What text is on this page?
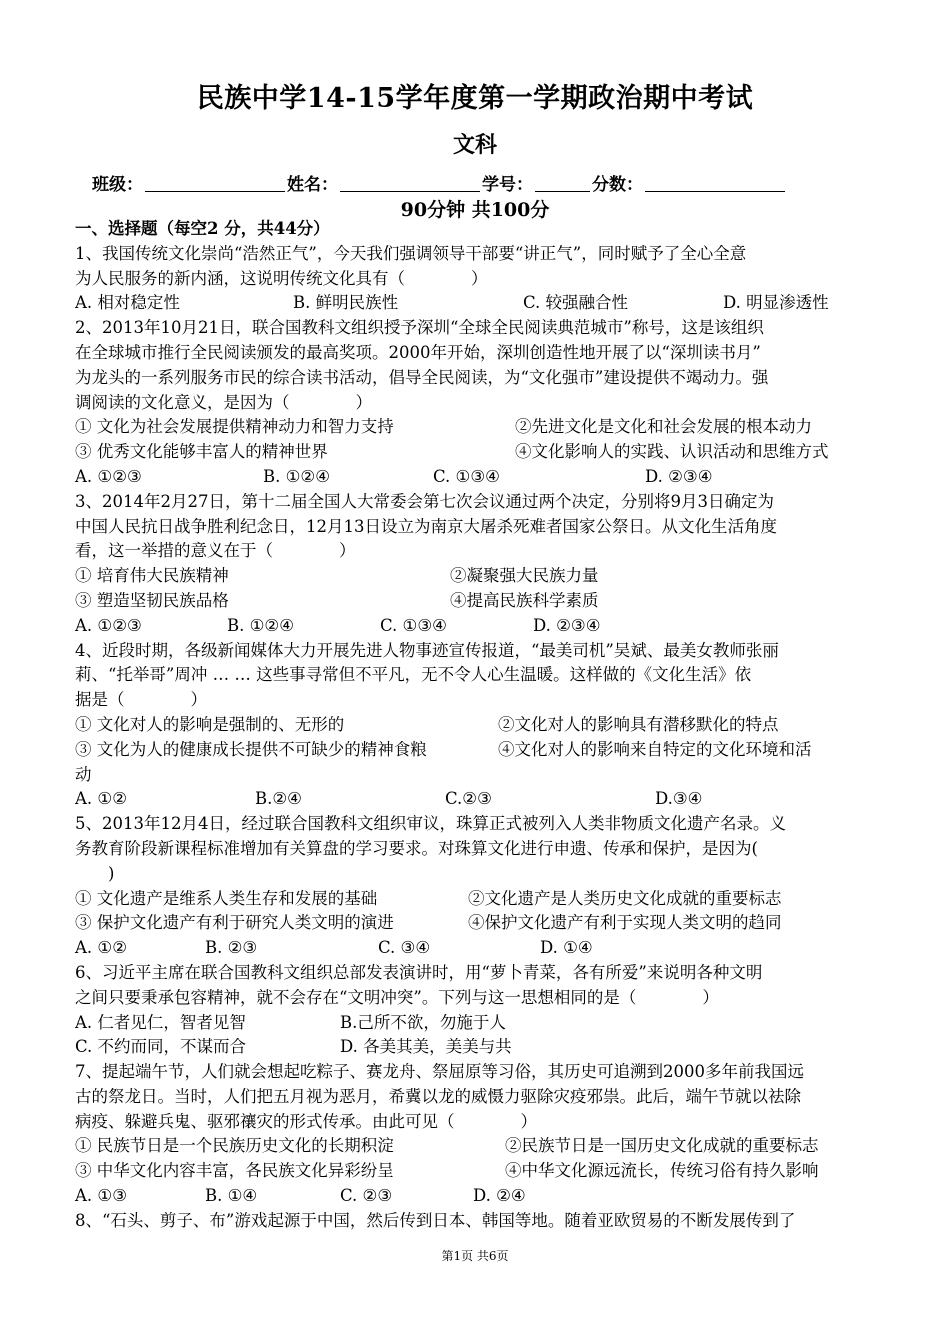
民族中学14-15学年度第一学期政治期中考试
文科
班级：	姓名：	学号：	分数：
90分钟 共100分
一、选择题（每空2 分，共44分）
1、我国传统文化崇尚“浩然正气”，今天我们强调领导干部要“讲正气”，同时赋予了全心全意
为人民服务的新内涵，这说明传统文化具有（　　　　）
A. 相对稳定性	B. 鲜明民族性	C. 较强融合性	D. 明显渗透性
2、2013年10月21日，联合国教科文组织授予深圳“全球全民阅读典范城市”称号，这是该组织
在全球城市推行全民阅读颁发的最高奖项。2000年开始，深圳创造性地开展了以“深圳读书月”
为龙头的一系列服务市民的综合读书活动，倡导全民阅读，为“文化强市”建设提供不竭动力。强
调阅读的文化意义，是因为（　　　　）
① 文化为社会发展提供精神动力和智力支持	②先进文化是文化和社会发展的根本动力
③ 优秀文化能够丰富人的精神世界	④文化影响人的实践、认识活动和思维方式
A. ①②③	B. ①②④	C. ①③④	D. ②③④
3、2014年2月27日，第十二届全国人大常委会第七次会议通过两个决定，分别将9月3日确定为
中国人民抗日战争胜利纪念日，12月13日设立为南京大屠杀死难者国家公祭日。从文化生活角度
看，这一举措的意义在于（　　　　）
① 培育伟大民族精神	②凝聚强大民族力量
③ 塑造坚韧民族品格	④提高民族科学素质
A. ①②③	B. ①②④	C. ①③④	D. ②③④
4、近段时期，各级新闻媒体大力开展先进人物事迹宣传报道，“最美司机”吴斌、最美女教师张丽
莉、“托举哥”周冲 … … 这些事寻常但不平凡，无不令人心生温暖。这样做的《文化生活》依
据是（　　　　）
① 文化对人的影响是强制的、无形的	②文化对人的影响具有潜移默化的特点
③ 文化为人的健康成长提供不可缺少的精神食粮	④文化对人的影响来自特定的文化环境和活
动
A. ①②	B.②④	C.②③	D.③④
5、2013年12月4日，经过联合国教科文组织审议，珠算正式被列入人类非物质文化遗产名录。义
务教育阶段新课程标准增加有关算盘的学习要求。对珠算文化进行申遗、传承和保护，是因为(
　　)
① 文化遗产是维系人类生存和发展的基础	②文化遗产是人类历史文化成就的重要标志
③ 保护文化遗产有利于研究人类文明的演进	④保护文化遗产有利于实现人类文明的趋同
A. ①②	B. ②③	C. ③④	D. ①④
6、习近平主席在联合国教科文组织总部发表演讲时，用“萝卜青菜，各有所爱”来说明各种文明
之间只要秉承包容精神，就不会存在“文明冲突”。下列与这一思想相同的是（　　　　）
A. 仁者见仁，智者见智	B.己所不欲，勿施于人
C. 不约而同，不谋而合	D. 各美其美，美美与共
7、提起端午节，人们就会想起吃粽子、赛龙舟、祭屈原等习俗，其历史可追溯到2000多年前我国远
古的祭龙日。当时，人们把五月视为恶月，希冀以龙的威慑力驱除灾疫邪祟。此后，端午节就以祛除
病疫、躲避兵鬼、驱邪禳灾的形式传承。由此可见（　　　　）
① 民族节日是一个民族历史文化的长期积淀	②民族节日是一国历史文化成就的重要标志
③ 中华文化内容丰富，各民族文化异彩纷呈	④中华文化源远流长，传统习俗有持久影响
A. ①③	B. ①④	C. ②③	D. ②④
8、“石头、剪子、布”游戏起源于中国，然后传到日本、韩国等地。随着亚欧贸易的不断发展传到了
第1页 共6页
